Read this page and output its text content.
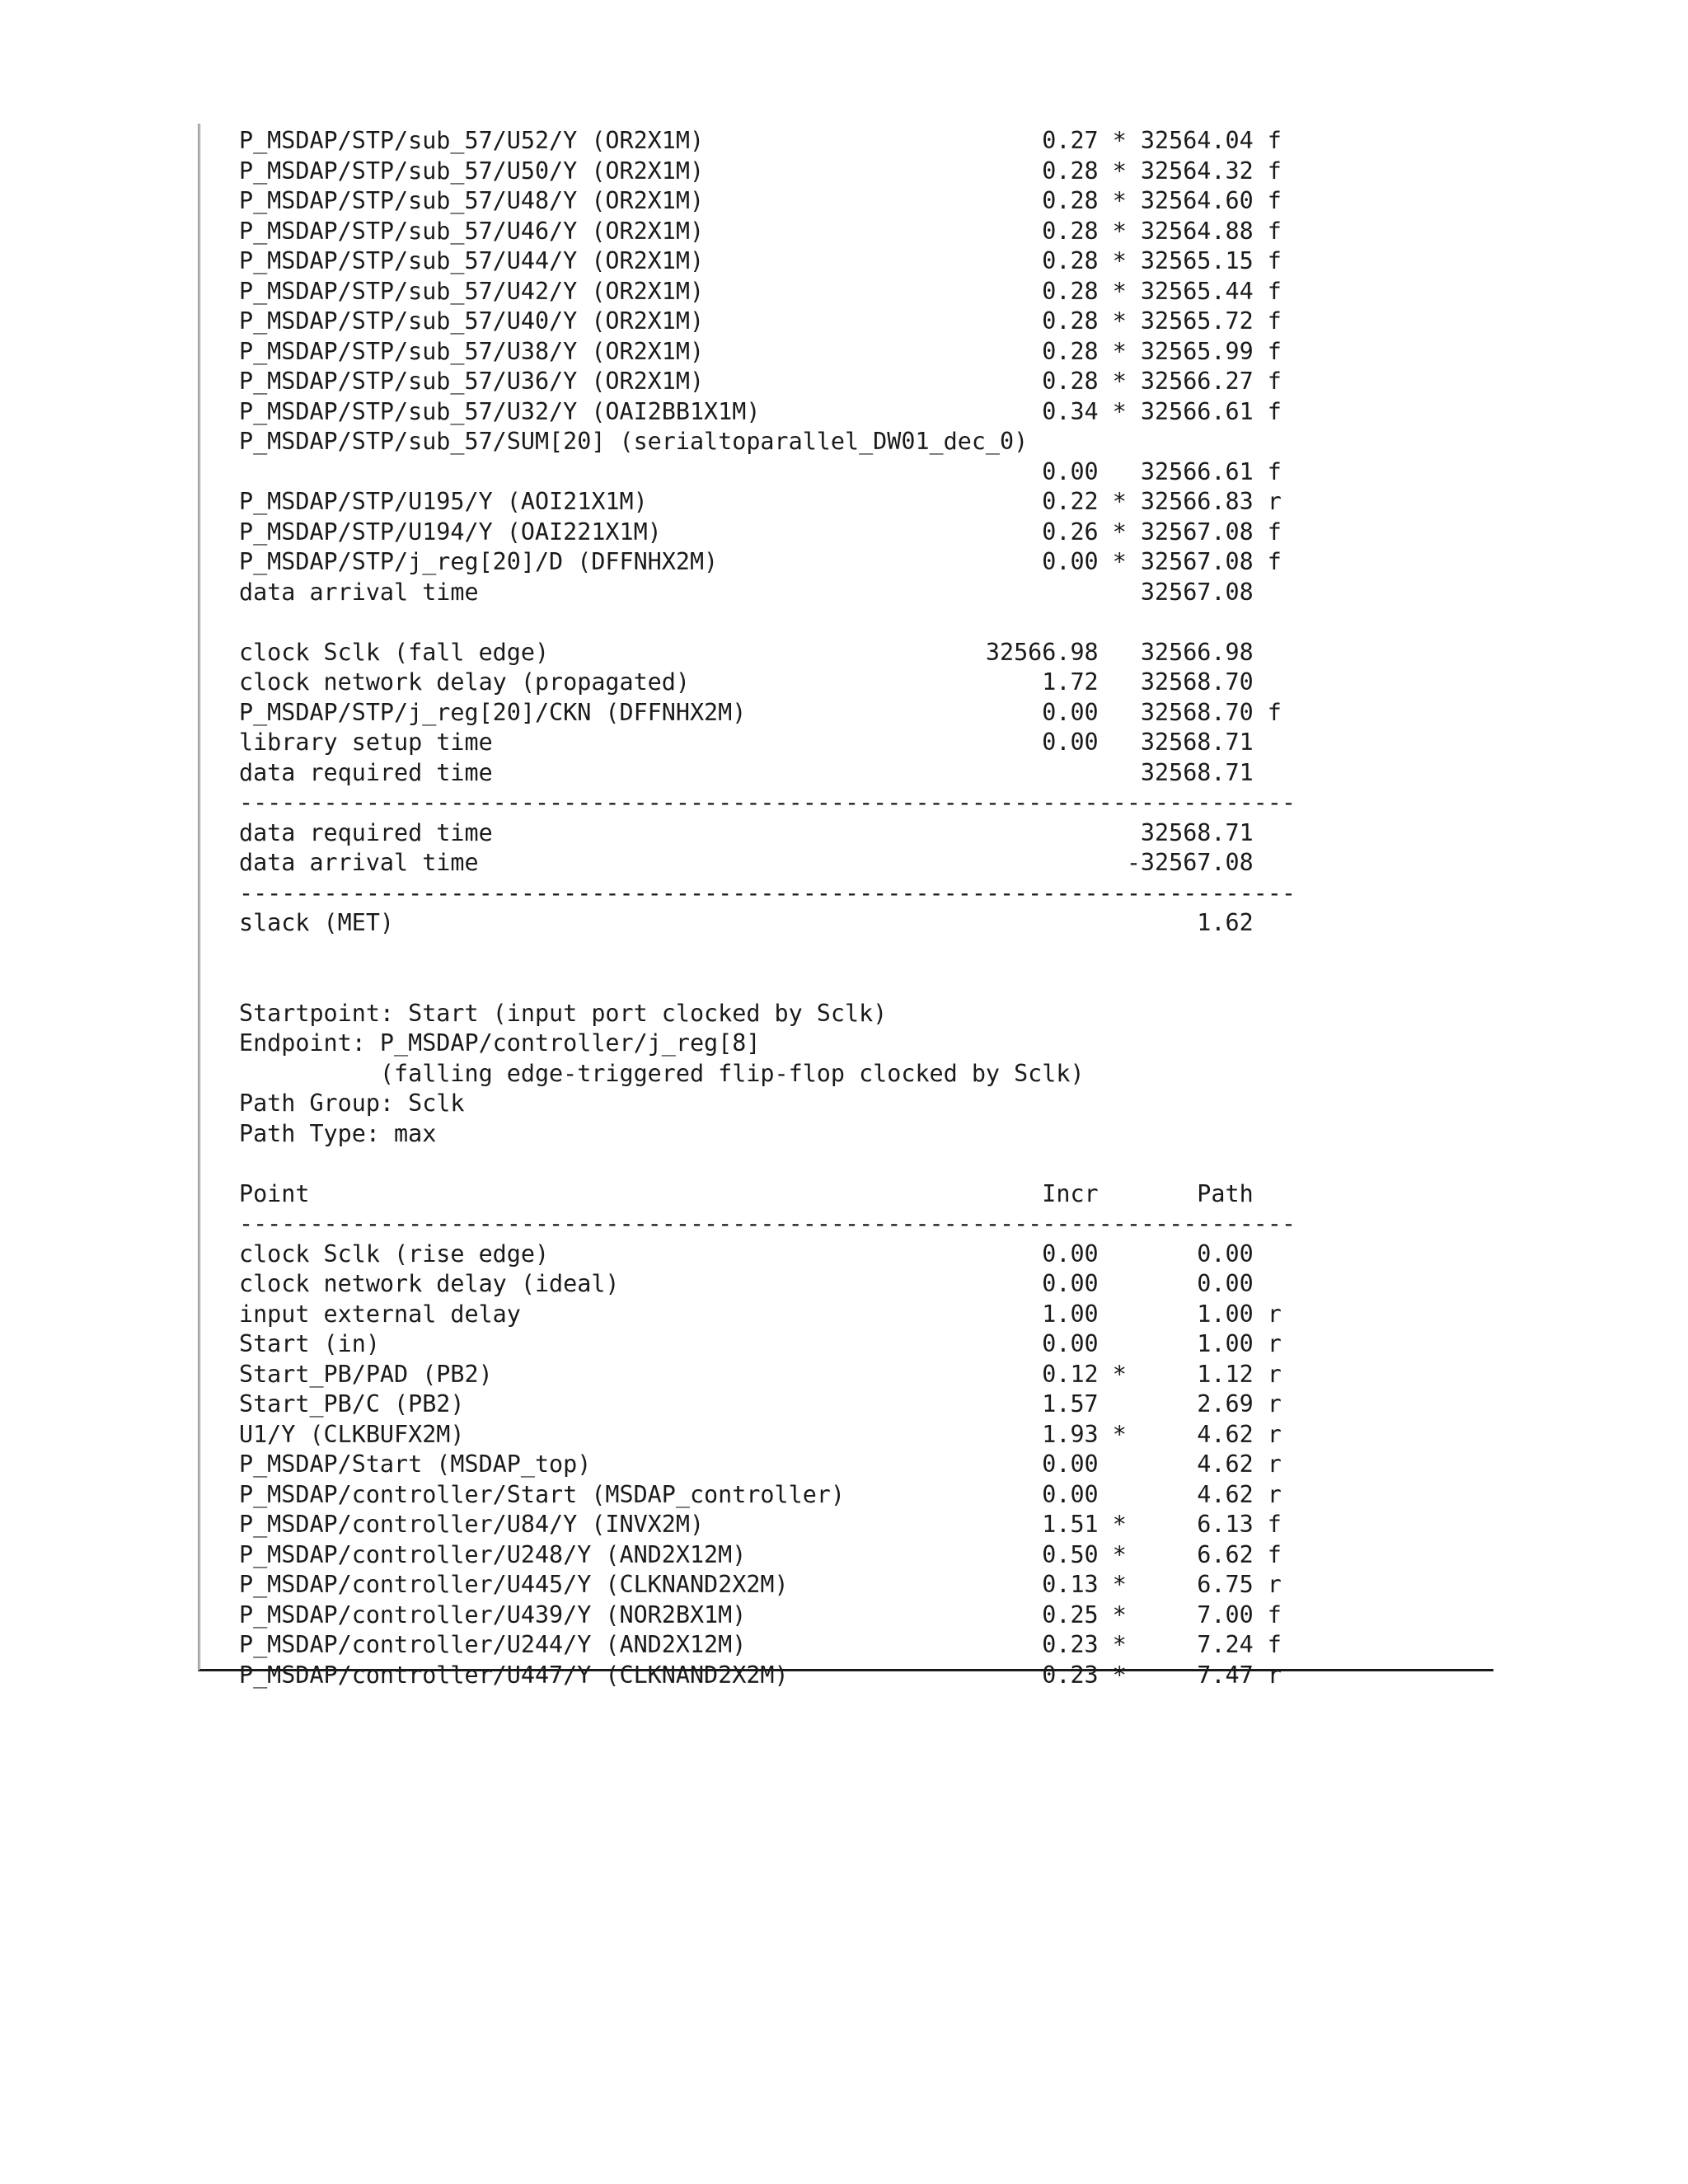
P_MSDAP/STP/sub_57/U52/Y (OR2X1M)                        0.27 * 32564.04 f
P_MSDAP/STP/sub_57/U50/Y (OR2X1M)                        0.28 * 32564.32 f
P_MSDAP/STP/sub_57/U48/Y (OR2X1M)                        0.28 * 32564.60 f
P_MSDAP/STP/sub_57/U46/Y (OR2X1M)                        0.28 * 32564.88 f
P_MSDAP/STP/sub_57/U44/Y (OR2X1M)                        0.28 * 32565.15 f
P_MSDAP/STP/sub_57/U42/Y (OR2X1M)                        0.28 * 32565.44 f
P_MSDAP/STP/sub_57/U40/Y (OR2X1M)                        0.28 * 32565.72 f
P_MSDAP/STP/sub_57/U38/Y (OR2X1M)                        0.28 * 32565.99 f
P_MSDAP/STP/sub_57/U36/Y (OR2X1M)                        0.28 * 32566.27 f
P_MSDAP/STP/sub_57/U32/Y (OAI2BB1X1M)                    0.34 * 32566.61 f
P_MSDAP/STP/sub_57/SUM[20] (serialtoparallel_DW01_dec_0)
0.00   32566.61 f
P_MSDAP/STP/U195/Y (AOI21X1M)                            0.22 * 32566.83 r
P_MSDAP/STP/U194/Y (OAI221X1M)                           0.26 * 32567.08 f
P_MSDAP/STP/j_reg[20]/D (DFFNHX2M)                       0.00 * 32567.08 f
data arrival time                                               32567.08
clock Sclk (fall edge)                               32566.98   32566.98
clock network delay (propagated)                         1.72   32568.70
P_MSDAP/STP/j_reg[20]/CKN (DFFNHX2M)                     0.00   32568.70 f
library setup time                                       0.00   32568.71
data required time                                              32568.71
---------------------------------------------------------------------------
data required time                                              32568.71
data arrival time                                              -32567.08
---------------------------------------------------------------------------
slack (MET)                                                         1.62
Startpoint: Start (input port clocked by Sclk)
Endpoint: P_MSDAP/controller/j_reg[8]
(falling edge-triggered flip-flop clocked by Sclk)
Path Group: Sclk
Path Type: max
Point                                                    Incr       Path
---------------------------------------------------------------------------
clock Sclk (rise edge)                                   0.00       0.00
clock network delay (ideal)                              0.00       0.00
input external delay                                     1.00       1.00 r
Start (in)                                               0.00       1.00 r
Start_PB/PAD (PB2)                                       0.12 *     1.12 r
Start_PB/C (PB2)                                         1.57       2.69 r
U1/Y (CLKBUFX2M)                                         1.93 *     4.62 r
P_MSDAP/Start (MSDAP_top)                                0.00       4.62 r
P_MSDAP/controller/Start (MSDAP_controller)              0.00       4.62 r
P_MSDAP/controller/U84/Y (INVX2M)                        1.51 *     6.13 f
P_MSDAP/controller/U248/Y (AND2X12M)                     0.50 *     6.62 f
P_MSDAP/controller/U445/Y (CLKNAND2X2M)                  0.13 *     6.75 r
P_MSDAP/controller/U439/Y (NOR2BX1M)                     0.25 *     7.00 f
P_MSDAP/controller/U244/Y (AND2X12M)                     0.23 *     7.24 f
P_MSDAP/controller/U447/Y (CLKNAND2X2M)                  0.23 *     7.47 r
